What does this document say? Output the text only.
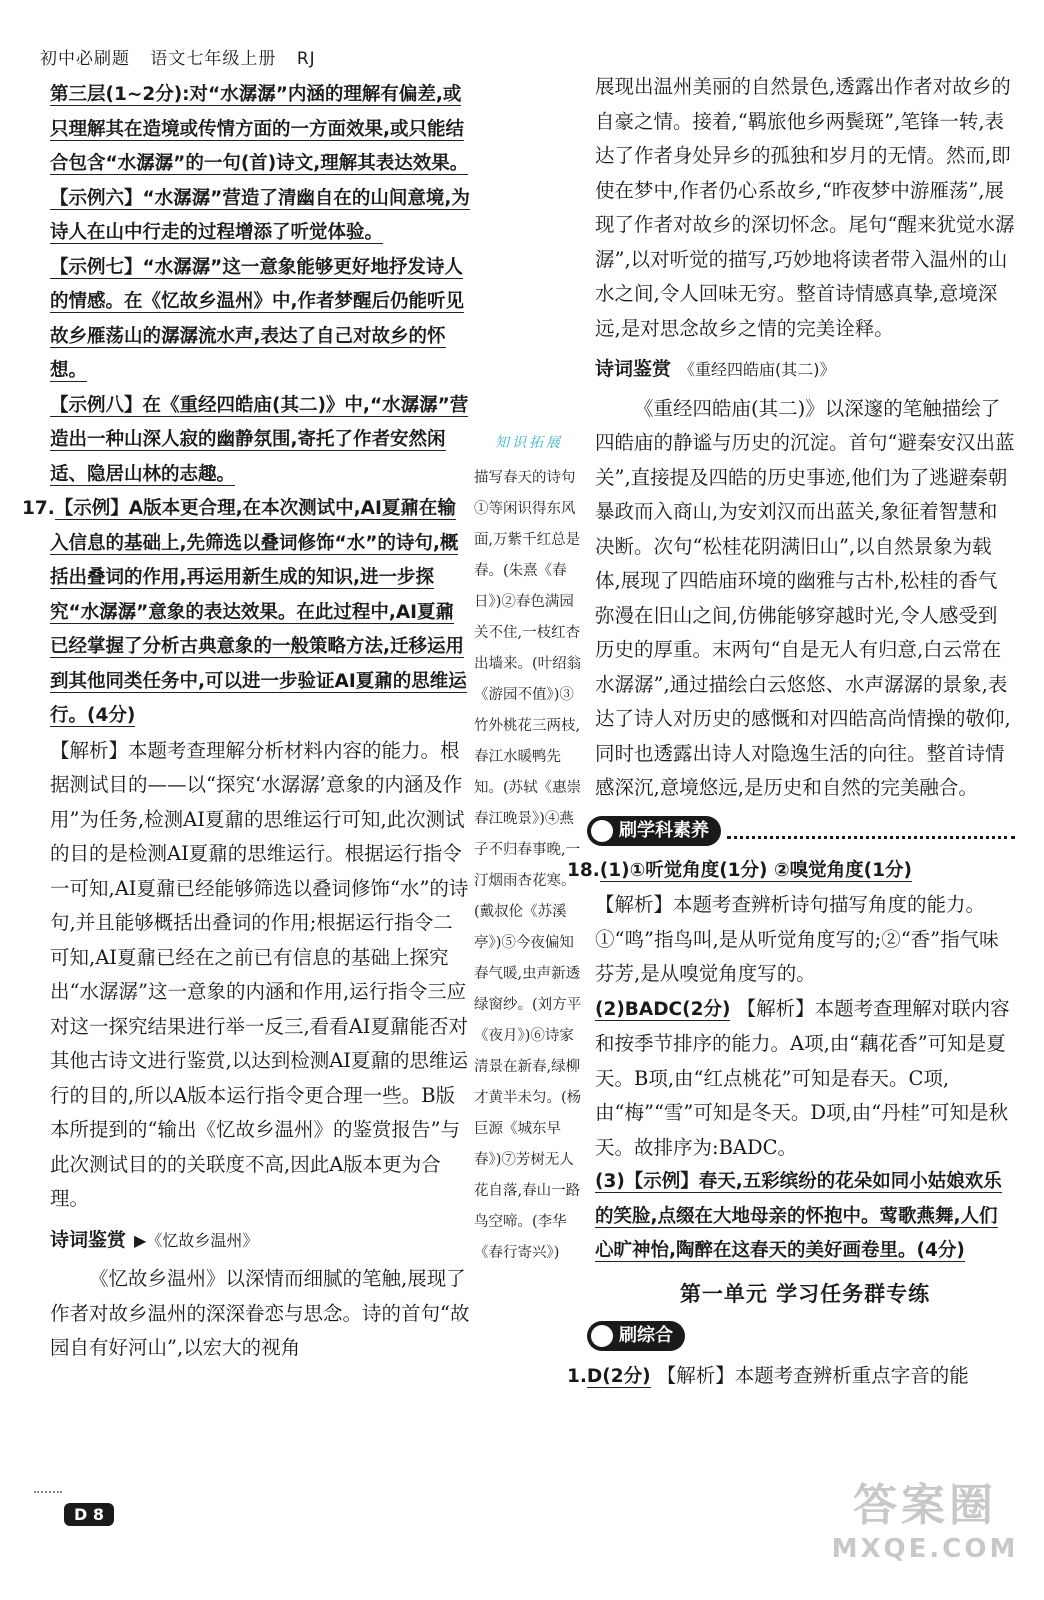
初中必刷题 语文七年级上册 RJ

第三层(1~2分):对“水潺潺”内涵的理解有偏差,或只理解其在造境或传情方面的一方面效果,或只能结合包含“水潺潺”的一句(首)诗文,理解其表达效果。

【示例六】“水潺潺”营造了清幽自在的山间意境,为诗人在山中行走的过程增添了听觉体验。

【示例七】“水潺潺”这一意象能够更好地抒发诗人的情感。在《忆故乡温州》中,作者梦醒后仍能听见故乡雁荡山的潺潺流水声,表达了自己对故乡的怀想。

【示例八】在《重经四皓庙(其二)》中,“水潺潺”营造出一种山深人寂的幽静氛围,寄托了作者安然闲适、隐居山林的志趣。

17.【示例】A版本更合理,在本次测试中,AI夏鼐在输入信息的基础上,先筛选以叠词修饰“水”的诗句,概括出叠词的作用,再运用新生成的知识,进一步探究“水潺潺”意象的表达效果。在此过程中,AI夏鼐已经掌握了分析古典意象的一般策略方法,迁移运用到其他同类任务中,可以进一步验证AI夏鼐的思维运行。(4分)

【解析】本题考查理解分析材料内容的能力。根据测试目的——以“探究‘水潺潺’意象的内涵及作用”为任务,检测AI夏鼐的思维运行可知,此次测试的目的是检测AI夏鼐的思维运行。根据运行指令一可知,AI夏鼐已经能够筛选以叠词修饰“水”的诗句,并且能够概括出叠词的作用;根据运行指令二可知,AI夏鼐已经在之前已有信息的基础上探究出“水潺潺”这一意象的内涵和作用,运行指令三应对这一探究结果进行举一反三,看看AI夏鼐能否对其他古诗文进行鉴赏,以达到检测AI夏鼐的思维运行的目的,所以A版本运行指令更合理一些。B版本所提到的“输出《忆故乡温州》的鉴赏报告”与此次测试目的的关联度不高,因此A版本更为合理。

诗词鉴赏 ▶《忆故乡温州》

《忆故乡温州》以深情而细腻的笔触,展现了作者对故乡温州的深深眷恋与思念。诗的首句“故园自有好河山”,以宏大的视角

知识拓展

描写春天的诗句 ①等闲识得东风面,万紫千红总是春。(朱熹《春日》)②春色满园关不住,一枝红杏出墙来。(叶绍翁《游园不值》)③竹外桃花三两枝,春江水暖鸭先知。(苏轼《惠崇春江晚景》)④燕子不归春事晚,一汀烟雨杏花寒。(戴叔伦《苏溪亭》)⑤今夜偏知春气暖,虫声新透绿窗纱。(刘方平《夜月》)⑥诗家清景在新春,绿柳才黄半未匀。(杨巨源《城东早春》)⑦芳树无人花自落,春山一路鸟空啼。(李华《春行寄兴》)

展现出温州美丽的自然景色,透露出作者对故乡的自豪之情。接着,“羁旅他乡两鬓斑”,笔锋一转,表达了作者身处异乡的孤独和岁月的无情。然而,即使在梦中,作者仍心系故乡,“昨夜梦中游雁荡”,展现了作者对故乡的深切怀念。尾句“醒来犹觉水潺潺”,以对听觉的描写,巧妙地将读者带入温州的山水之间,令人回味无穷。整首诗情感真挚,意境深远,是对思念故乡之情的完美诠释。

诗词鉴赏 《重经四皓庙(其二)》

《重经四皓庙(其二)》以深邃的笔触描绘了四皓庙的静谧与历史的沉淀。首句“避秦安汉出蓝关”,直接提及四皓的历史事迹,他们为了逃避秦朝暴政而入商山,为安刘汉而出蓝关,象征着智慧和决断。次句“松桂花阴满旧山”,以自然景象为载体,展现了四皓庙环境的幽雅与古朴,松桂的香气弥漫在旧山之间,仿佛能够穿越时光,令人感受到历史的厚重。末两句“自是无人有归意,白云常在水潺潺”,通过描绘白云悠悠、水声潺潺的景象,表达了诗人对历史的感慨和对四皓高尚情操的敬仰,同时也透露出诗人对隐逸生活的向往。整首诗情感深沉,意境悠远,是历史和自然的完美融合。

刷学科素养

18.(1)①听觉角度(1分) ②嗅觉角度(1分)

【解析】本题考查辨析诗句描写角度的能力。①“鸣”指鸟叫,是从听觉角度写的;②“香”指气味芬芳,是从嗅觉角度写的。

(2)BADC(2分) 【解析】本题考查理解对联内容和按季节排序的能力。A项,由“藕花香”可知是夏天。B项,由“红点桃花”可知是春天。C项,由“梅”“雪”可知是冬天。D项,由“丹桂”可知是秋天。故排序为:BADC。

(3)【示例】春天,五彩缤纷的花朵如同小姑娘欢乐的笑脸,点缀在大地母亲的怀抱中。莺歌燕舞,人们心旷神怡,陶醉在这春天的美好画卷里。(4分)

第一单元 学习任务群专练
刷综合

1.D(2分) 【解析】本题考查辨析重点字音的能

D 8	答案圈
MXQE.COM
